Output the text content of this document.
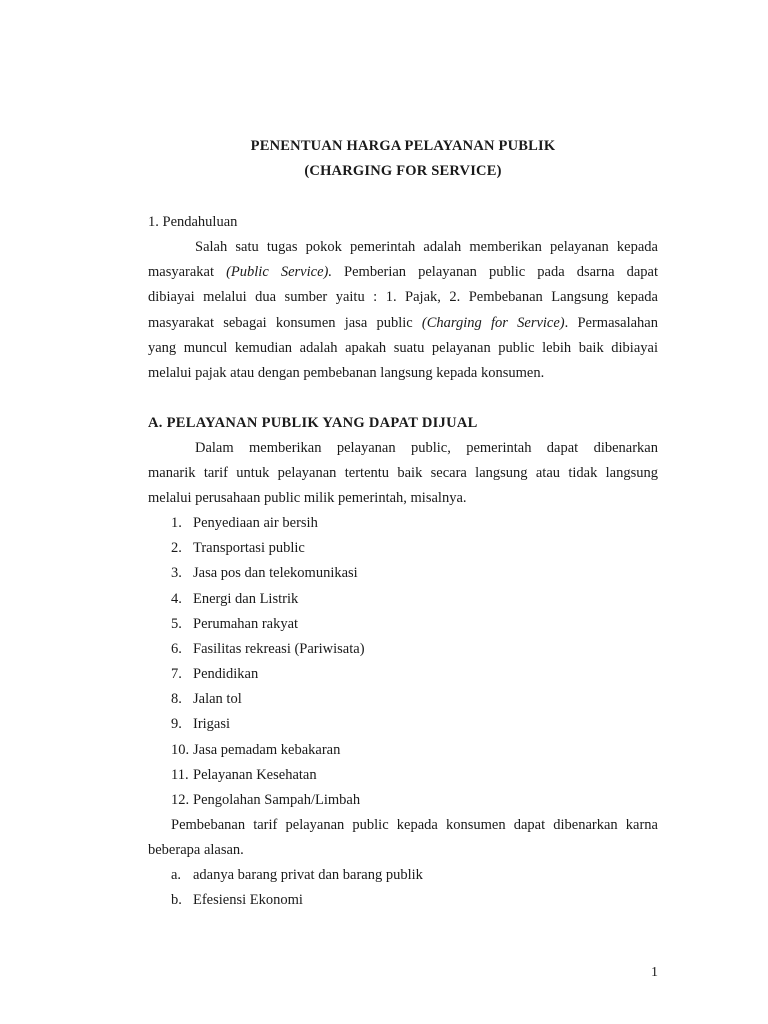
PENENTUAN HARGA PELAYANAN PUBLIK
(CHARGING FOR SERVICE)
1. Pendahuluan
Salah satu tugas pokok pemerintah adalah memberikan pelayanan kepada
masyarakat (Public Service). Pemberian pelayanan public pada dsarna dapat
dibiayai melalui dua sumber yaitu : 1. Pajak, 2. Pembebanan Langsung kepada
masyarakat sebagai konsumen jasa public (Charging for Service). Permasalahan
yang muncul kemudian adalah apakah suatu pelayanan public lebih baik dibiayai
melalui pajak atau dengan pembebanan langsung kepada konsumen.
A. PELAYANAN PUBLIK YANG DAPAT DIJUAL
Dalam memberikan pelayanan public, pemerintah dapat dibenarkan
manarik tarif untuk pelayanan tertentu baik secara langsung atau tidak langsung
melalui perusahaan public milik pemerintah, misalnya.
1. Penyediaan air bersih
2. Transportasi public
3. Jasa pos dan telekomunikasi
4. Energi dan Listrik
5. Perumahan rakyat
6. Fasilitas rekreasi (Pariwisata)
7. Pendidikan
8. Jalan tol
9. Irigasi
10. Jasa pemadam kebakaran
11. Pelayanan Kesehatan
12. Pengolahan Sampah/Limbah
Pembebanan tarif pelayanan public kepada konsumen dapat dibenarkan karna
beberapa alasan.
a. adanya barang privat dan barang publik
b. Efesiensi Ekonomi
1
